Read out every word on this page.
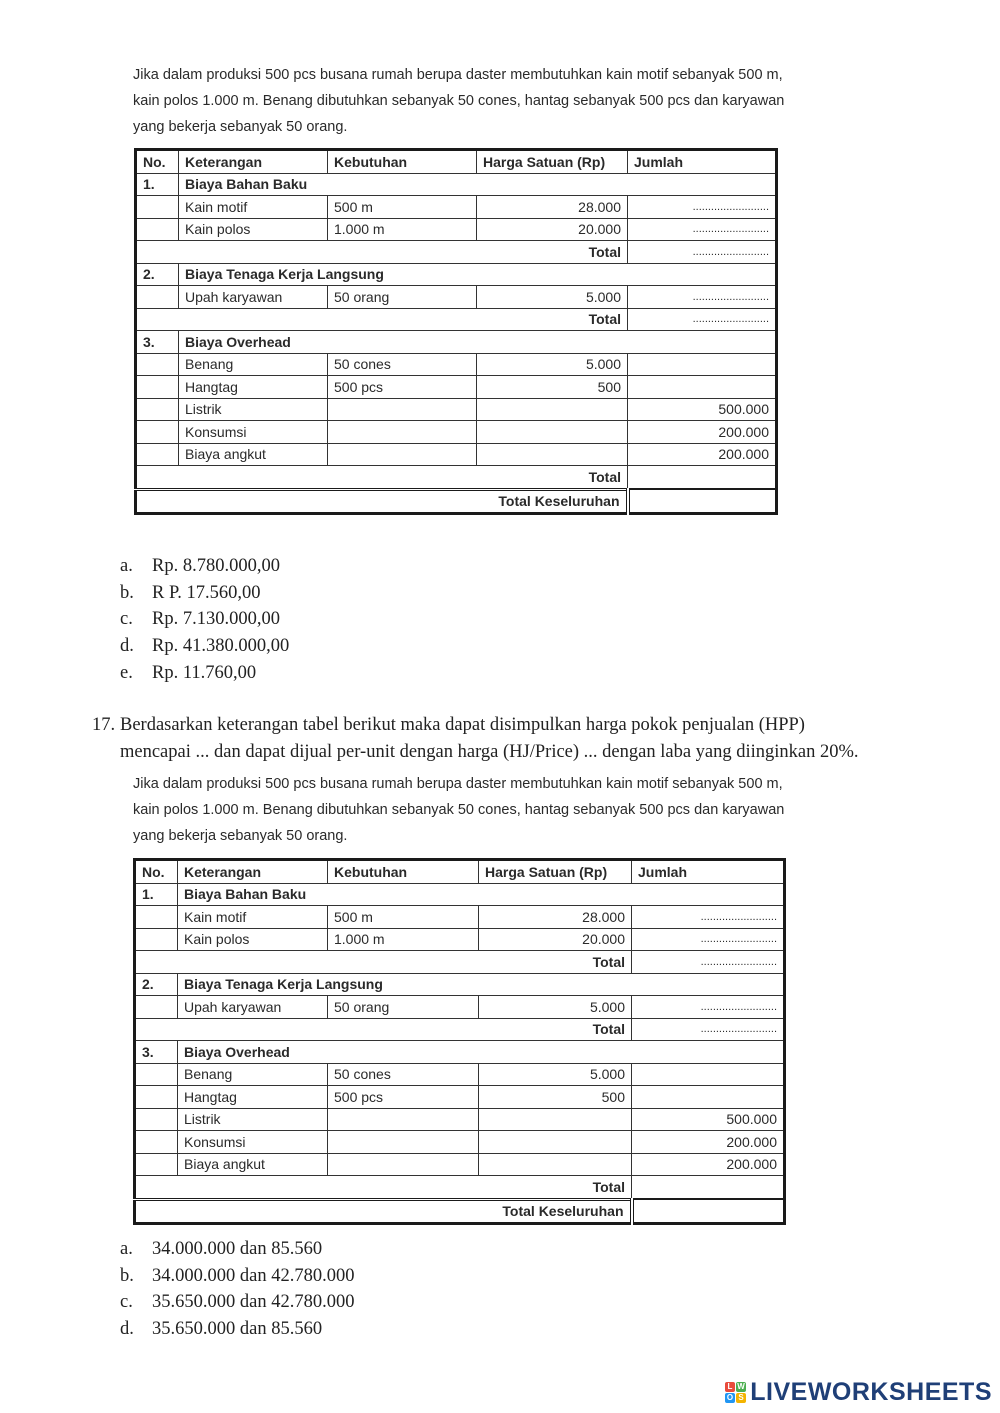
Jika dalam produksi 500 pcs busana rumah berupa daster membutuhkan kain motif sebanyak 500 m,
kain polos 1.000 m. Benang dibutuhkan sebanyak 50 cones, hantag sebanyak 500 pcs dan karyawan
yang bekerja sebanyak 50 orang.
No.	Keterangan	Kebutuhan	Harga Satuan (Rp)	Jumlah
1.	Biaya Bahan Baku			
	Kain motif	500 m	28.000	.........................
	Kain polos	1.000 m	20.000	.........................
Total				.........................
2.	Biaya Tenaga Kerja Langsung			
	Upah karyawan	50 orang	5.000	.........................
Total				.........................
3.	Biaya Overhead			
	Benang	50 cones	5.000	
	Hangtag	500 pcs	500	
	Listrik			500.000
	Konsumsi			200.000
	Biaya angkut			200.000
Total				
Total Keseluruhan				
a. Rp. 8.780.000,00
b. R P. 17.560,00
c. Rp. 7.130.000,00
d. Rp. 41.380.000,00
e. Rp. 11.760,00
17. Berdasarkan keterangan tabel berikut maka dapat disimpulkan harga pokok penjualan (HPP)
mencapai ... dan dapat dijual per-unit dengan harga (HJ/Price) ... dengan laba yang diinginkan 20%.
Jika dalam produksi 500 pcs busana rumah berupa daster membutuhkan kain motif sebanyak 500 m,
kain polos 1.000 m. Benang dibutuhkan sebanyak 50 cones, hantag sebanyak 500 pcs dan karyawan
yang bekerja sebanyak 50 orang.
No.	Keterangan	Kebutuhan	Harga Satuan (Rp)	Jumlah
1.	Biaya Bahan Baku			
	Kain motif	500 m	28.000	.........................
	Kain polos	1.000 m	20.000	.........................
Total				.........................
2.	Biaya Tenaga Kerja Langsung			
	Upah karyawan	50 orang	5.000	.........................
Total				.........................
3.	Biaya Overhead			
	Benang	50 cones	5.000	
	Hangtag	500 pcs	500	
	Listrik			500.000
	Konsumsi			200.000
	Biaya angkut			200.000
Total				
Total Keseluruhan				
a. 34.000.000 dan 85.560
b. 34.000.000 dan 42.780.000
c. 35.650.000 dan 42.780.000
d. 35.650.000 dan 85.560
L W
O S LIVEWORKSHEETS
